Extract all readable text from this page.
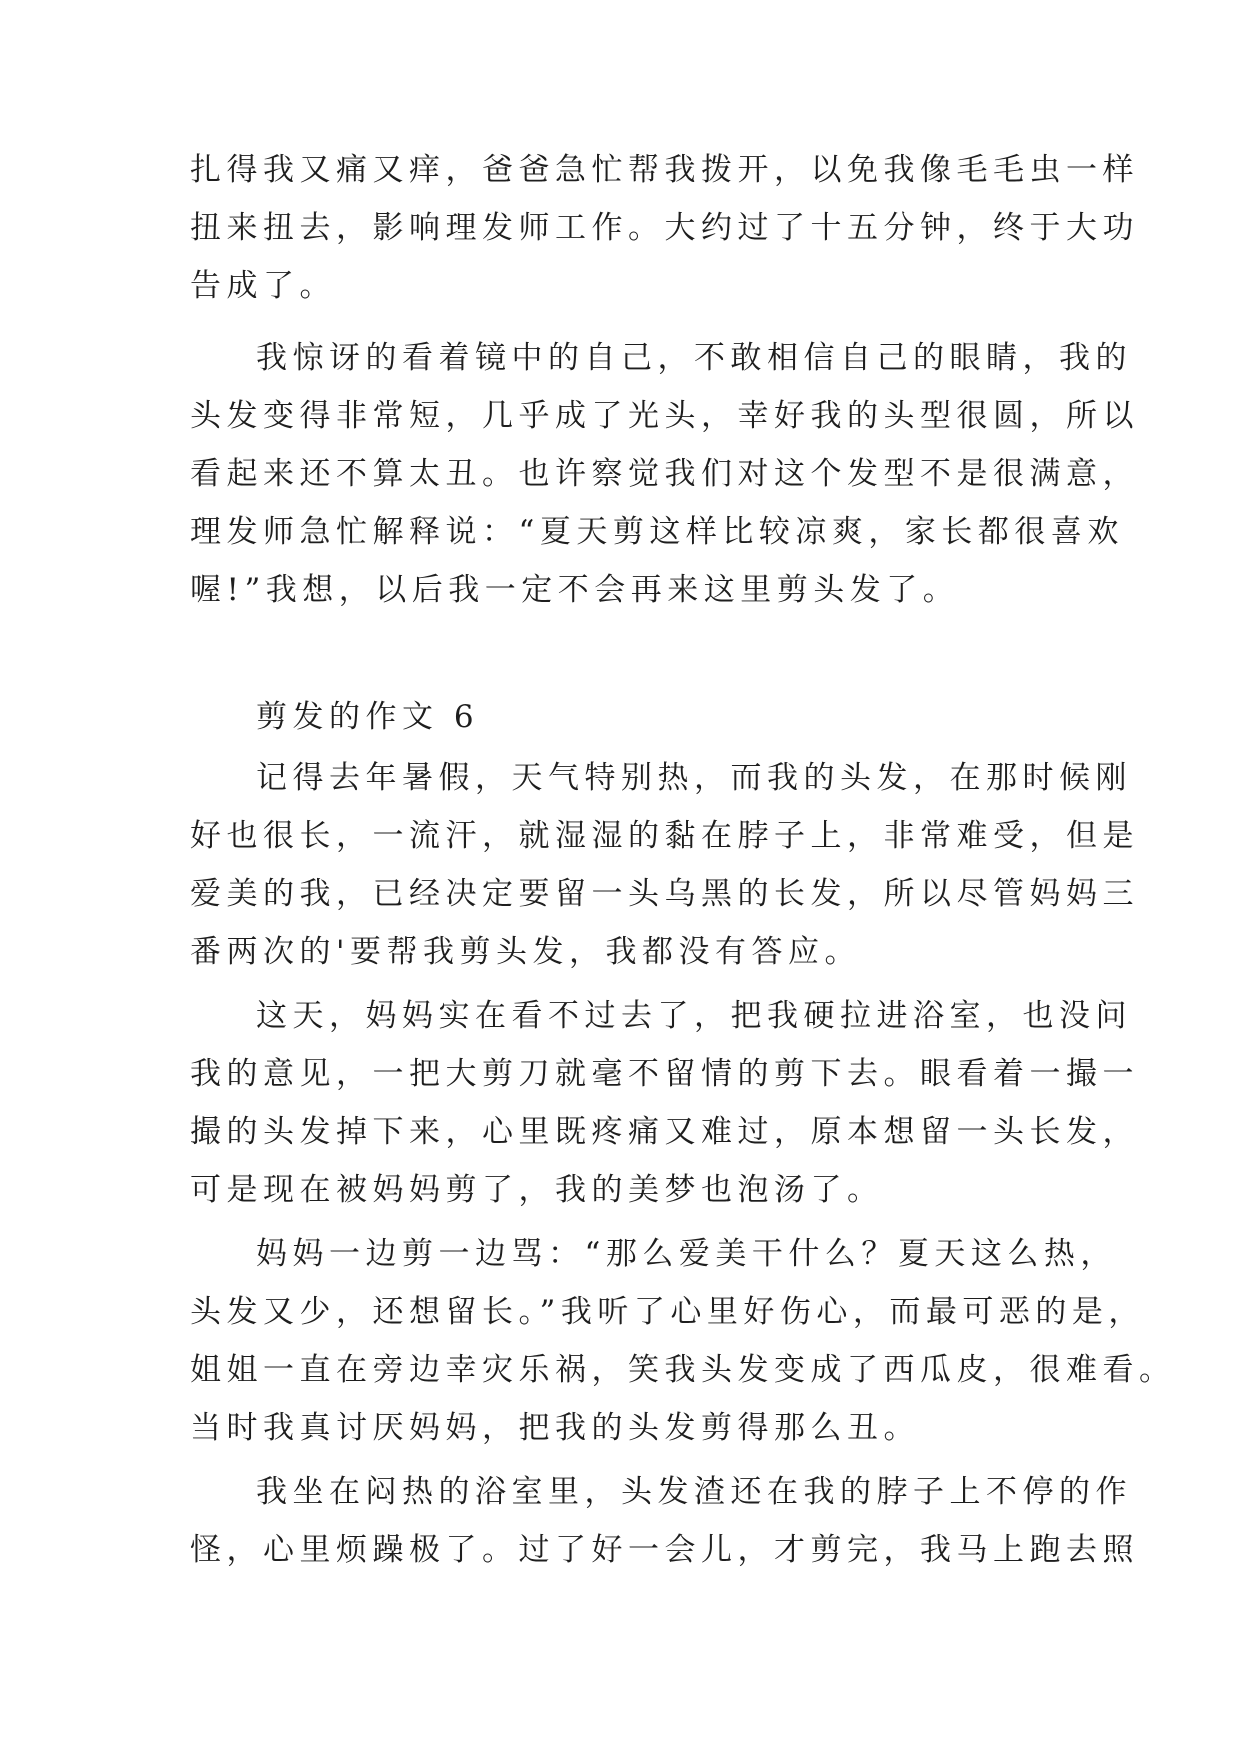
扎得我又痛又痒，爸爸急忙帮我拨开，以免我像毛毛虫一样
扭来扭去，影响理发师工作。大约过了十五分钟，终于大功
告成了。
我惊讶的看着镜中的自己，不敢相信自己的眼睛，我的
头发变得非常短，几乎成了光头，幸好我的头型很圆，所以
看起来还不算太丑。也许察觉我们对这个发型不是很满意，
理发师急忙解释说：“夏天剪这样比较凉爽，家长都很喜欢
喔!”我想，以后我一定不会再来这里剪头发了。
剪发的作文 6
记得去年暑假，天气特别热，而我的头发，在那时候刚
好也很长，一流汗，就湿湿的黏在脖子上，非常难受，但是
爱美的我，已经决定要留一头乌黑的长发，所以尽管妈妈三
番两次的'要帮我剪头发，我都没有答应。
这天，妈妈实在看不过去了，把我硬拉进浴室，也没问
我的意见，一把大剪刀就毫不留情的剪下去。眼看着一撮一
撮的头发掉下来，心里既疼痛又难过，原本想留一头长发，
可是现在被妈妈剪了，我的美梦也泡汤了。
妈妈一边剪一边骂：“那么爱美干什么？夏天这么热，
头发又少，还想留长。”我听了心里好伤心，而最可恶的是，
姐姐一直在旁边幸灾乐祸，笑我头发变成了西瓜皮，很难看。
当时我真讨厌妈妈，把我的头发剪得那么丑。
我坐在闷热的浴室里，头发渣还在我的脖子上不停的作
怪，心里烦躁极了。过了好一会儿，才剪完，我马上跑去照
